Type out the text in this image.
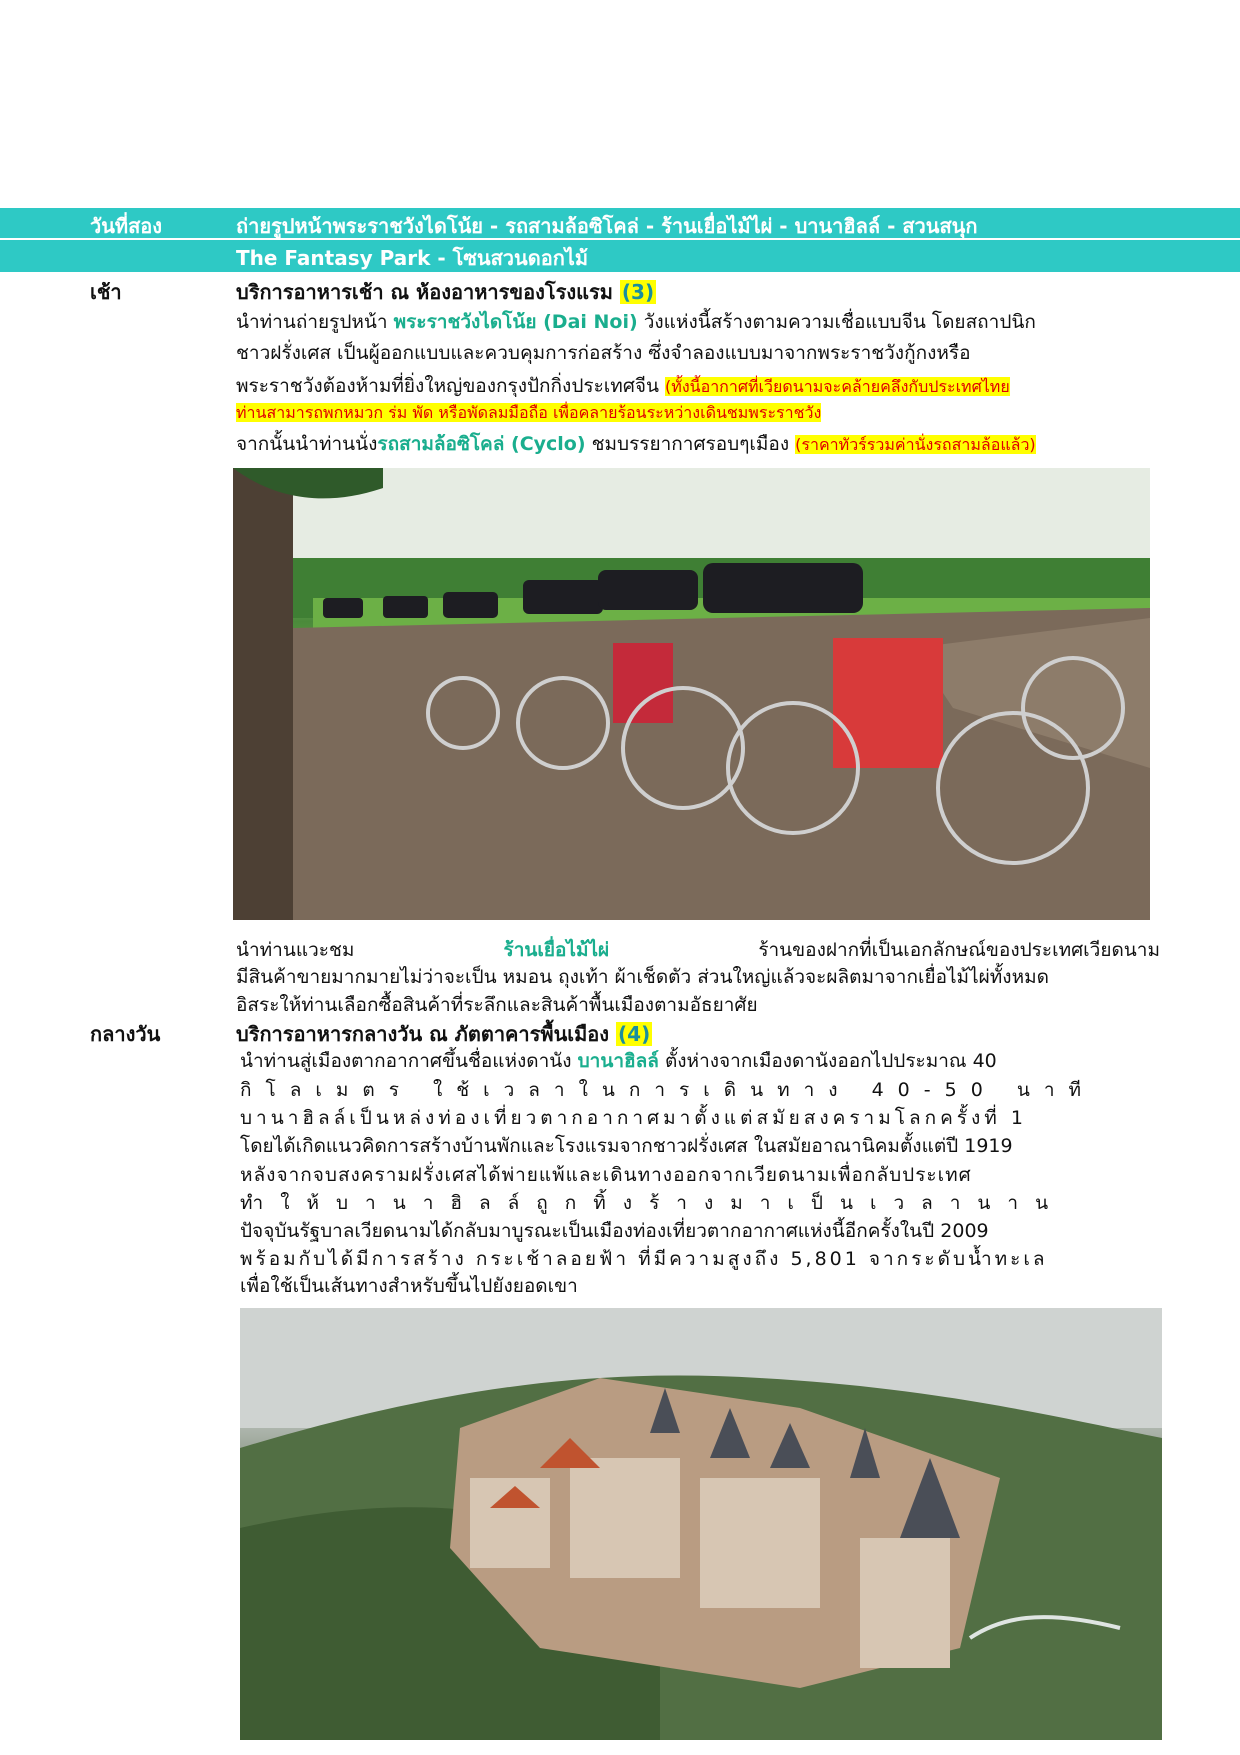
วันที่สอง	ถ่ายรูปหน้าพระราชวังไดโน้ย - รถสามล้อซิโคล่ - ร้านเยื่อไม้ไผ่ - บานาฮิลล์ - สวนสนุก
The Fantasy Park - โซนสวนดอกไม้
เช้า	บริการอาหารเช้า ณ ห้องอาหารของโรงแรม (3)
นำท่านถ่ายรูปหน้า พระราชวังไดโน้ย (Dai Noi) วังแห่งนี้สร้างตามความเชื่อแบบจีน โดยสถาปนิก
ชาวฝรั่งเศส เป็นผู้ออกแบบและควบคุมการก่อสร้าง ซึ่งจำลองแบบมาจากพระราชวังกู้กงหรือ
พระราชวังต้องห้ามที่ยิ่งใหญ่ของกรุงปักกิ่งประเทศจีน (ทั้งนี้อากาศที่เวียดนามจะคล้ายคลึงกับประเทศไทย
ท่านสามารถพกหมวก ร่ม พัด หรือพัดลมมือถือ เพื่อคลายร้อนระหว่างเดินชมพระราชวัง
จากนั้นนำท่านนั่งรถสามล้อซิโคล่ (Cyclo) ชมบรรยากาศรอบๆเมือง (ราคาทัวร์รวมค่านั่งรถสามล้อแล้ว)
นำท่านแวะชม	ร้านเยื่อไม้ไผ่	ร้านของฝากที่เป็นเอกลักษณ์ของประเทศเวียดนาม
มีสินค้าขายมากมายไม่ว่าจะเป็น หมอน ถุงเท้า ผ้าเช็ดตัว ส่วนใหญ่แล้วจะผลิตมาจากเยื่อไม้ไผ่ทั้งหมด
อิสระให้ท่านเลือกซื้อสินค้าที่ระลึกและสินค้าพื้นเมืองตามอัธยาศัย
กลางวัน	บริการอาหารกลางวัน ณ ภัตตาคารพื้นเมือง (4)
นำท่านสู่เมืองตากอากาศขึ้นชื่อแห่งดานัง บานาฮิลล์ ตั้งห่างจากเมืองดานังออกไปประมาณ 40
กิโลเมตร ใช้เวลาในการเดินทาง 40-50 นาที
บานาฮิลล์เป็นหล่งท่องเที่ยวตากอากาศมาตั้งแต่สมัยสงครามโลกครั้งที่ 1
โดยได้เกิดแนวคิดการสร้างบ้านพักและโรงแรมจากชาวฝรั่งเศส ในสมัยอาณานิคมตั้งแต่ปี 1919
หลังจากจบสงครามฝรั่งเศสได้พ่ายแพ้และเดินทางออกจากเวียดนามเพื่อกลับประเทศ
ทำให้บานาฮิลล์ถูกทิ้งร้างมาเป็นเวลานาน
ปัจจุบันรัฐบาลเวียดนามได้กลับมาบูรณะเป็นเมืองท่องเที่ยวตากอากาศแห่งนี้อีกครั้งในปี 2009
พร้อมกับได้มีการสร้าง กระเช้าลอยฟ้า ที่มีความสูงถึง 5,801 จากระดับน้ำทะเล
เพื่อใช้เป็นเส้นทางสำหรับขึ้นไปยังยอดเขา
